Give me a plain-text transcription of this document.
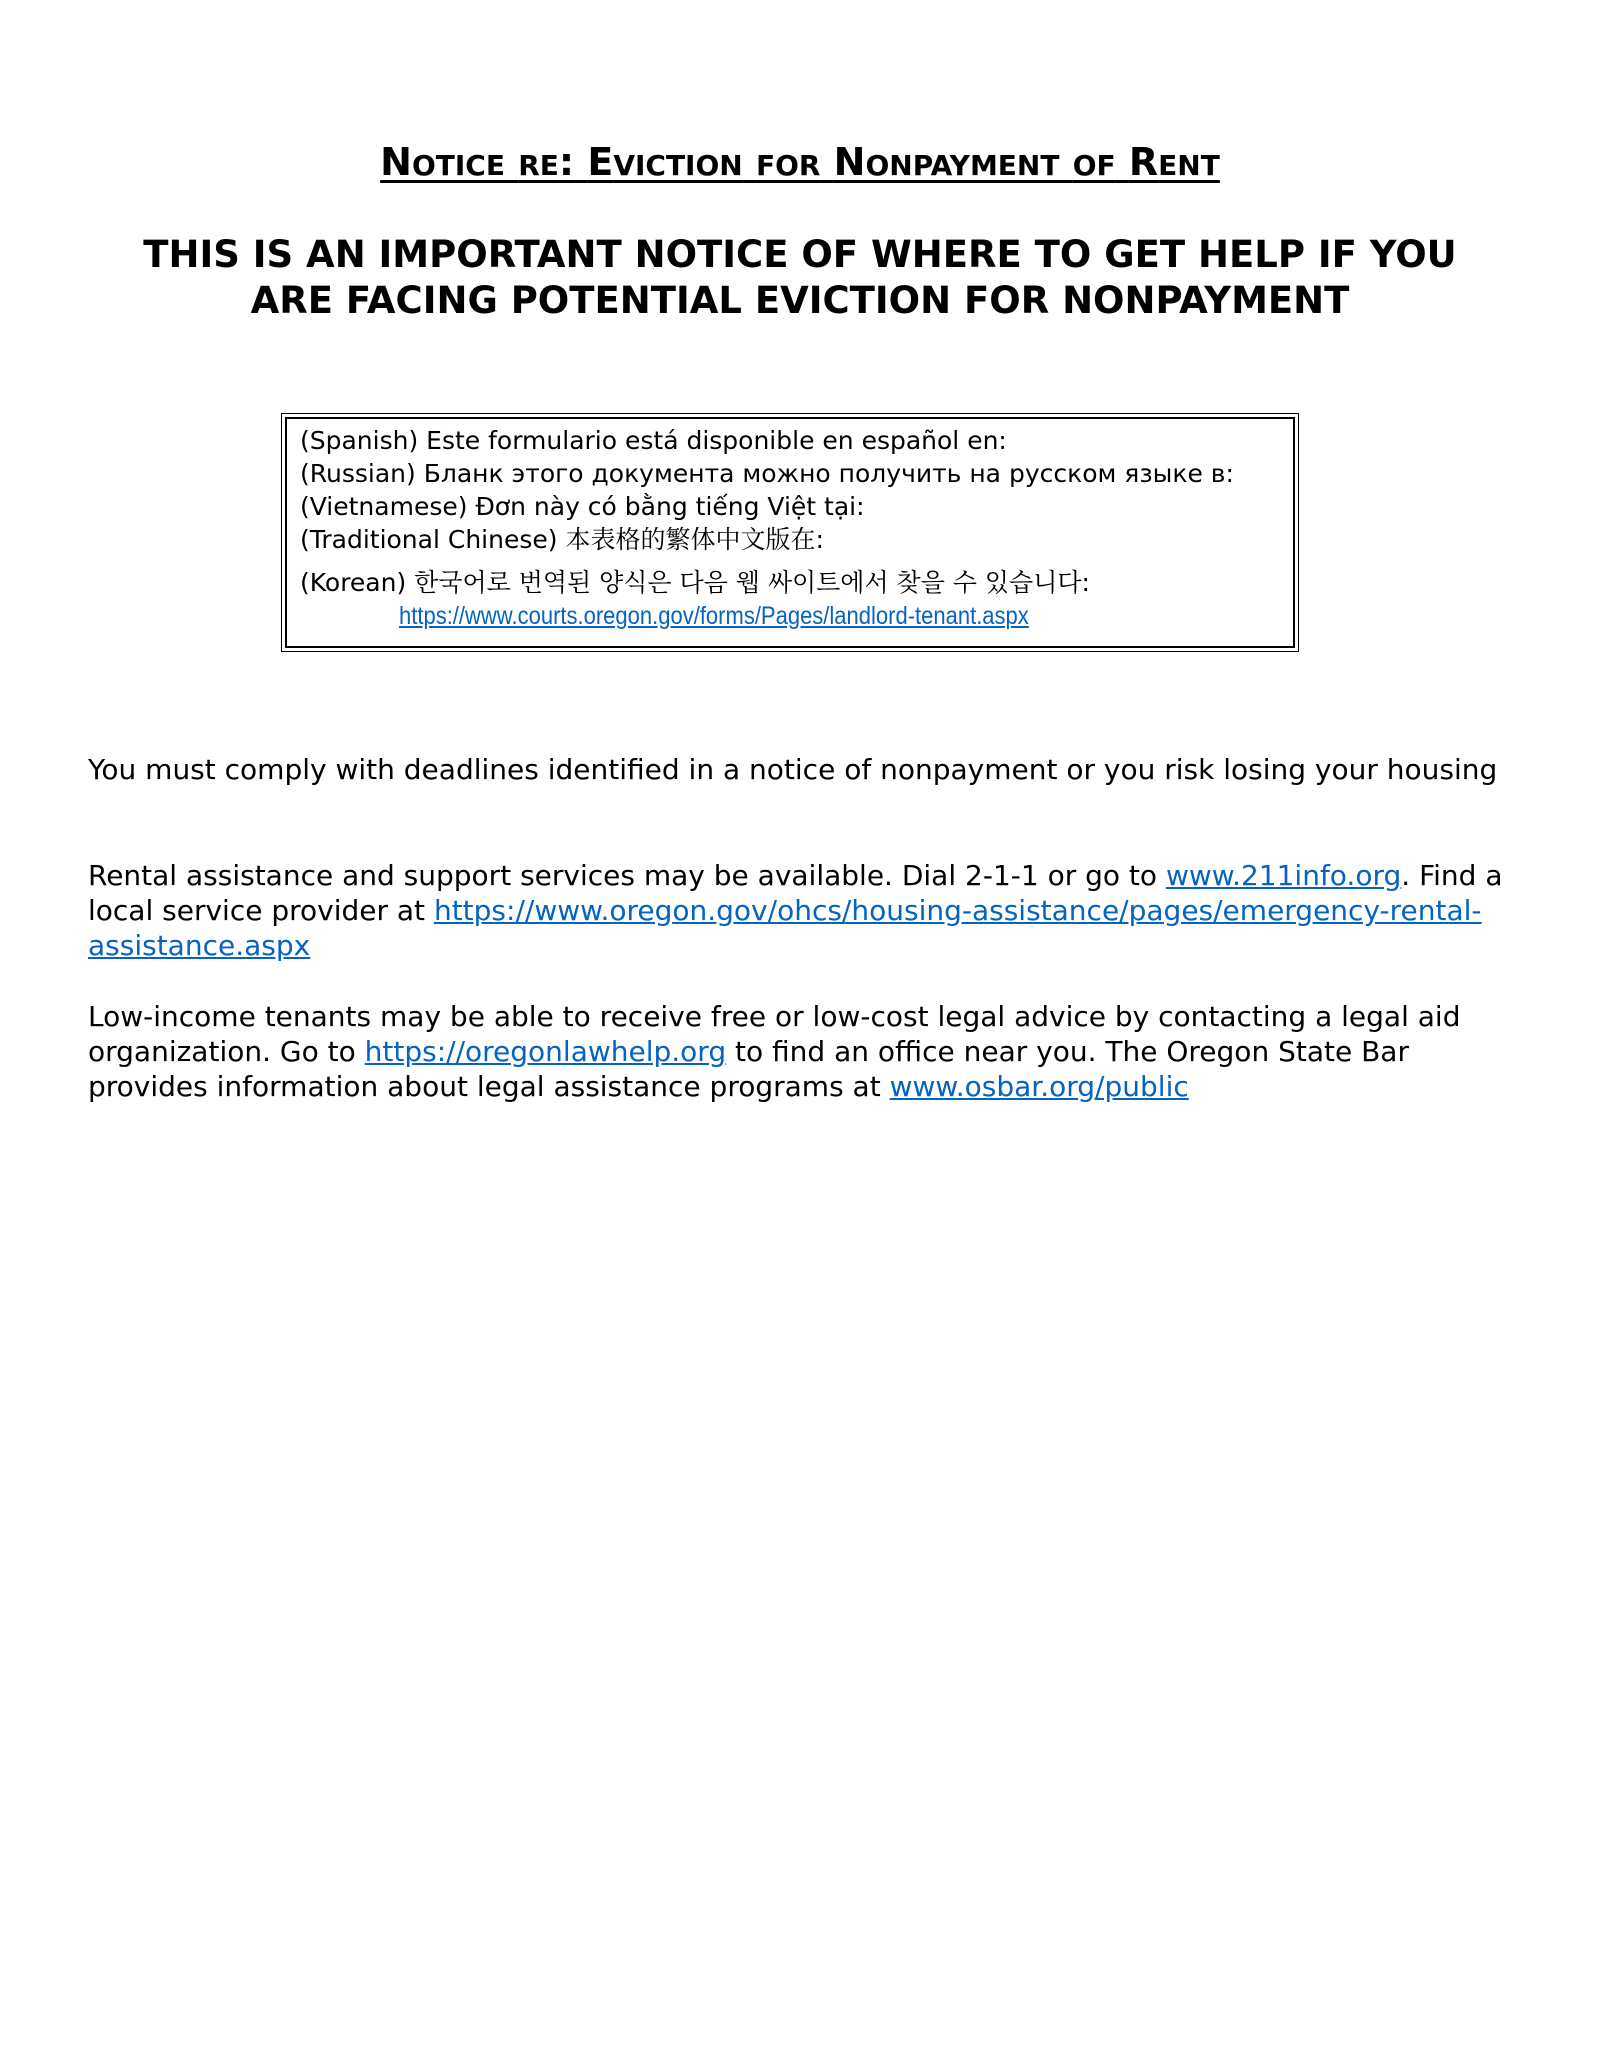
NOTICE RE: EVICTION FOR NONPAYMENT OF RENT
THIS IS AN IMPORTANT NOTICE OF WHERE TO GET HELP IF YOU
ARE FACING POTENTIAL EVICTION FOR NONPAYMENT
(Spanish) Este formulario está disponible en español en:
(Russian) Бланк этого документа можно получить на русском языке в:
(Vietnamese) Đơn này có bằng tiếng Việt tại:
(Traditional Chinese) 本表格的繁体中文版在:
(Korean) 한국어로 번역된 양식은 다음 웹 싸이트에서 찾을 수 있습니다:
https://www.courts.oregon.gov/forms/Pages/landlord-tenant.aspx

You must comply with deadlines identified in a notice of nonpayment or you risk losing your housing

Rental assistance and support services may be available. Dial 2-1-1 or go to www.211info.org. Find a local service provider at https://www.oregon.gov/ohcs/housing-assistance/pages/emergency-rental-assistance.aspx

Low-income tenants may be able to receive free or low-cost legal advice by contacting a legal aid organization. Go to https://oregonlawhelp.org to find an office near you. The Oregon State Bar provides information about legal assistance programs at www.osbar.org/public
